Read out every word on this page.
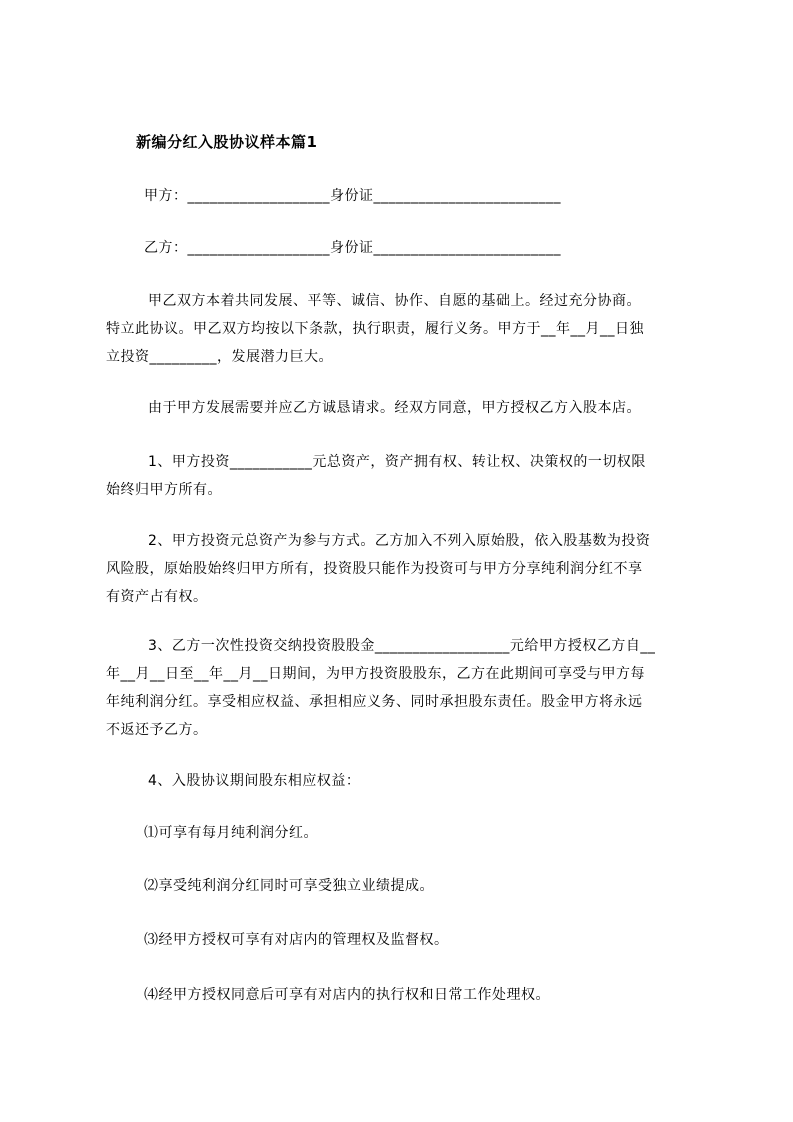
新编分红入股协议样本篇1
甲方：___________________身份证_________________________
乙方：___________________身份证_________________________

甲乙双方本着共同发展、平等、诚信、协作、自愿的基础上。经过充分协商。

特立此协议。甲乙双方均按以下条款，执行职责，履行义务。甲方于__年__月__日独

立投资_________，发展潜力巨大。

由于甲方发展需要并应乙方诚恳请求。经双方同意，甲方授权乙方入股本店。

1、甲方投资___________元总资产，资产拥有权、转让权、决策权的一切权限

始终归甲方所有。

2、甲方投资元总资产为参与方式。乙方加入不列入原始股，依入股基数为投资

风险股，原始股始终归甲方所有，投资股只能作为投资可与甲方分享纯利润分红不享

有资产占有权。

3、乙方一次性投资交纳投资股股金__________________元给甲方授权乙方自__

年__月__日至__年__月__日期间，为甲方投资股股东，乙方在此期间可享受与甲方每

年纯利润分红。享受相应权益、承担相应义务、同时承担股东责任。股金甲方将永远

不返还予乙方。

4、入股协议期间股东相应权益：
⑴可享有每月纯利润分红。
⑵享受纯利润分红同时可享受独立业绩提成。
⑶经甲方授权可享有对店内的管理权及监督权。
⑷经甲方授权同意后可享有对店内的执行权和日常工作处理权。
